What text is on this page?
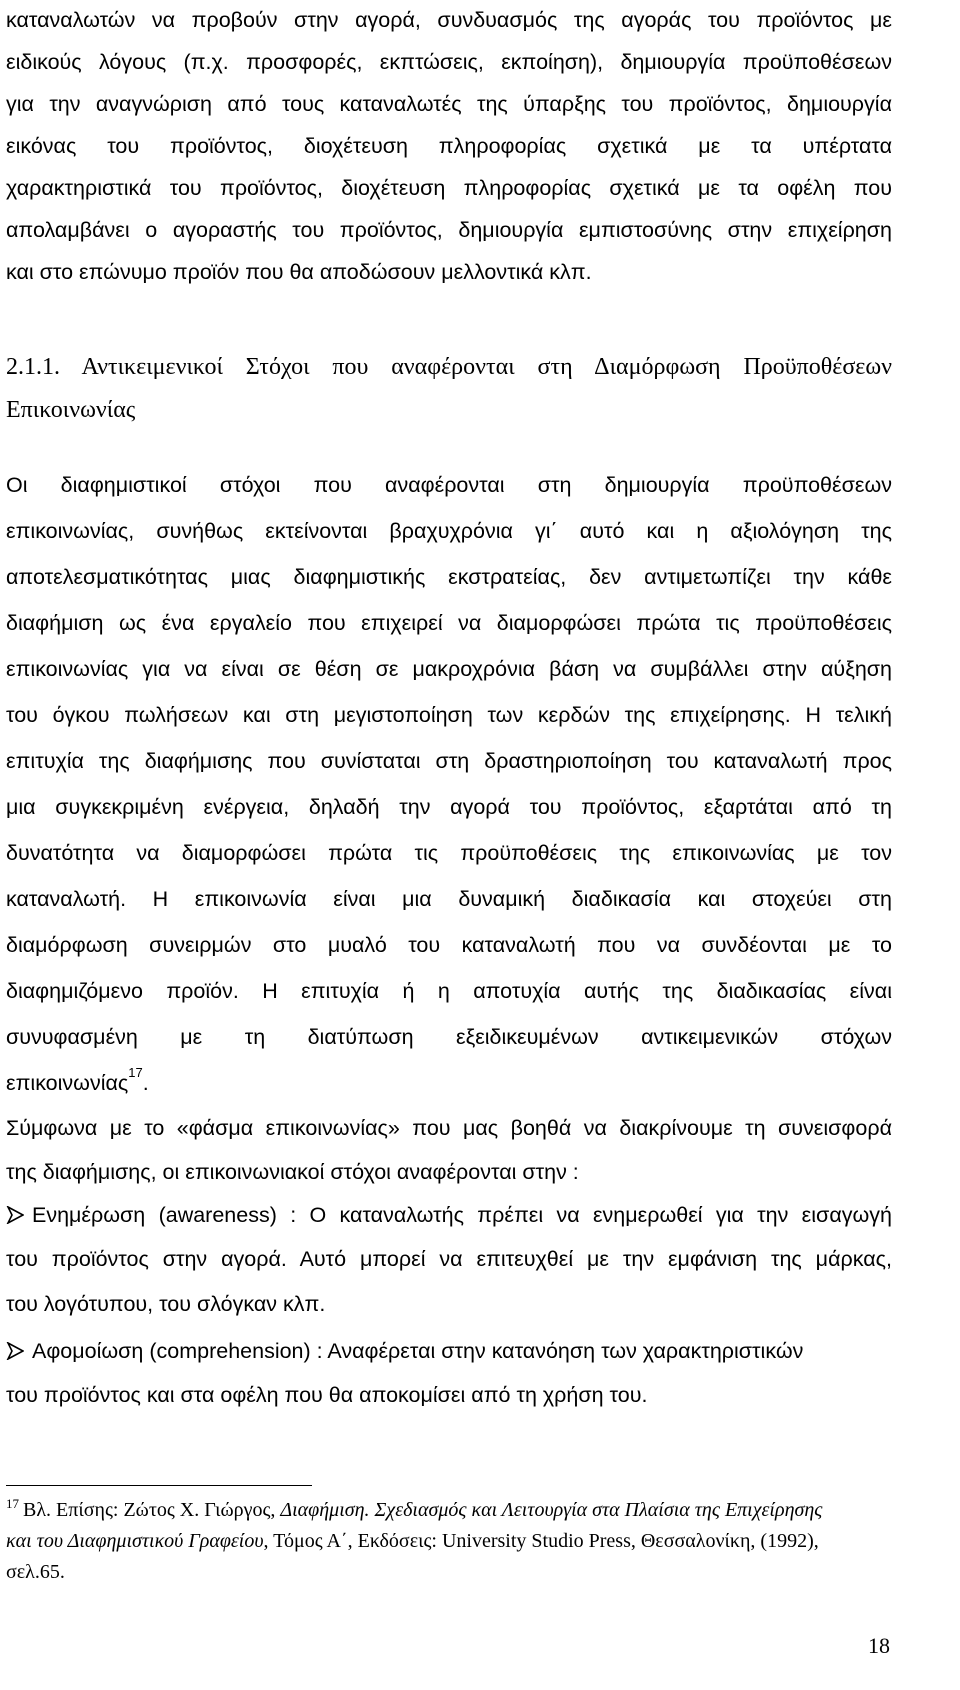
καταναλωτών να προβούν στην αγορά, συνδυασμός της αγοράς του προϊόντος με
ειδικούς λόγους (π.χ. προσφορές, εκπτώσεις, εκποίηση), δημιουργία προϋποθέσεων
για την αναγνώριση από τους καταναλωτές της ύπαρξης του προϊόντος, δημιουργία
εικόνας του προϊόντος, διοχέτευση πληροφορίας σχετικά με τα υπέρτατα
χαρακτηριστικά του προϊόντος, διοχέτευση πληροφορίας σχετικά με τα οφέλη που
απολαμβάνει ο αγοραστής του προϊόντος, δημιουργία εμπιστοσύνης στην επιχείρηση
και στο επώνυμο προϊόν που θα αποδώσουν μελλοντικά κλπ.
2.1.1. Αντικειμενικοί Στόχοι που αναφέρονται στη Διαμόρφωση Προϋποθέσεων
Επικοινωνίας
Οι διαφημιστικοί στόχοι που αναφέρονται στη δημιουργία προϋποθέσεων
επικοινωνίας, συνήθως εκτείνονται βραχυχρόνια γι΄ αυτό και η αξιολόγηση της
αποτελεσματικότητας μιας διαφημιστικής εκστρατείας, δεν αντιμετωπίζει την κάθε
διαφήμιση ως ένα εργαλείο που επιχειρεί να διαμορφώσει πρώτα τις προϋποθέσεις
επικοινωνίας για να είναι σε θέση σε μακροχρόνια βάση να συμβάλλει στην αύξηση
του όγκου πωλήσεων και στη μεγιστοποίηση των κερδών της επιχείρησης. Η τελική
επιτυχία της διαφήμισης που συνίσταται στη δραστηριοποίηση του καταναλωτή προς
μια συγκεκριμένη ενέργεια, δηλαδή την αγορά του προϊόντος, εξαρτάται από τη
δυνατότητα να διαμορφώσει πρώτα τις προϋποθέσεις της επικοινωνίας με τον
καταναλωτή. Η επικοινωνία είναι μια δυναμική διαδικασία και στοχεύει στη
διαμόρφωση συνειρμών στο μυαλό του καταναλωτή που να συνδέονται με το
διαφημιζόμενο προϊόν. Η επιτυχία ή η αποτυχία αυτής της διαδικασίας είναι
συνυφασμένη με τη διατύπωση εξειδικευμένων αντικειμενικών στόχων
επικοινωνίας$^{17}$.
Σύμφωνα με το «φάσμα επικοινωνίας» που μας βοηθά να διακρίνουμε τη συνεισφορά
της διαφήμισης, οι επικοινωνιακοί στόχοι αναφέρονται στην :
Ενημέρωση (awareness) : Ο καταναλωτής πρέπει να ενημερωθεί για την εισαγωγή
του προϊόντος στην αγορά. Αυτό μπορεί να επιτευχθεί με την εμφάνιση της μάρκας,
του λογότυπου, του σλόγκαν κλπ.
Αφομοίωση (comprehension) : Αναφέρεται στην κατανόηση των χαρακτηριστικών
του προϊόντος και στα οφέλη που θα αποκομίσει από τη χρήση του.
$^{17}$ Βλ. Επίσης: Ζώτος Χ. Γιώργος, Διαφήμιση. Σχεδιασμός και Λειτουργία στα Πλαίσια της Επιχείρησης
και του Διαφημιστικού Γραφείου, Τόμος Α΄, Εκδόσεις: University Studio Press, Θεσσαλονίκη, (1992),
σελ.65.
18
